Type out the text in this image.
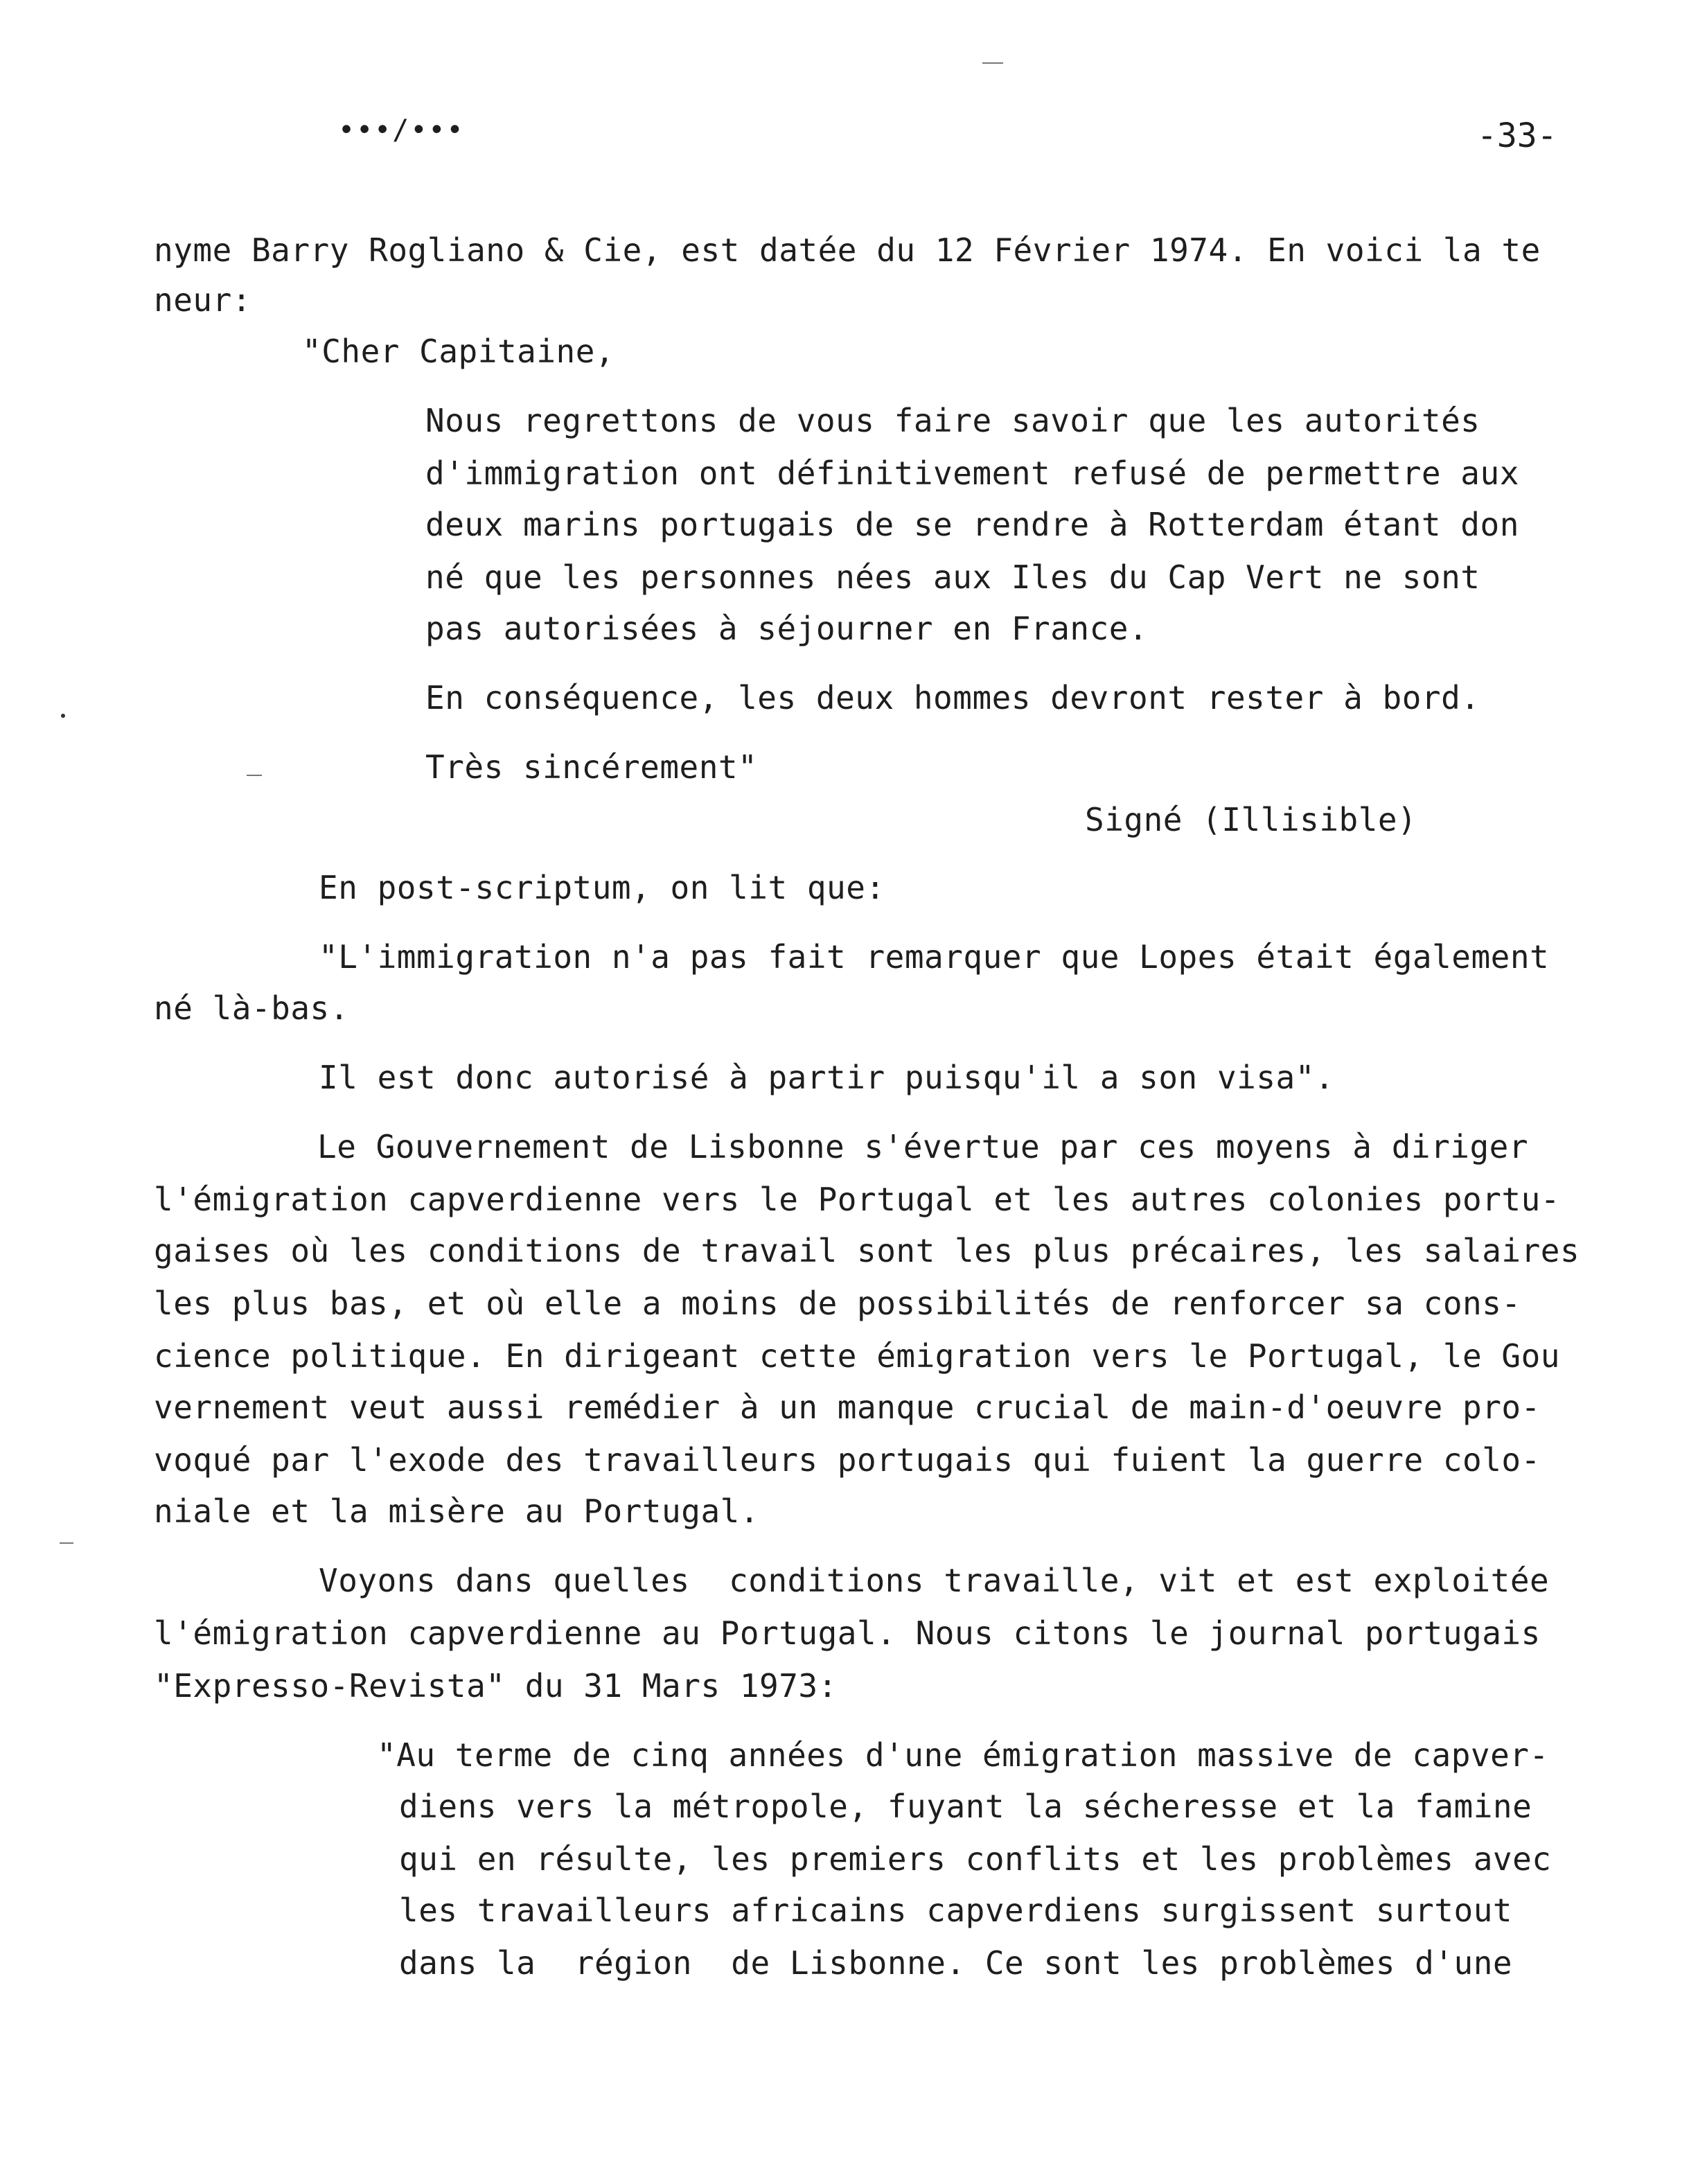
•••/•••	-33-
nyme Barry Rogliano & Cie, est datée du 12 Février 1974. En voici la te
neur:
"Cher Capitaine,
Nous regrettons de vous faire savoir que les autorités
d'immigration ont définitivement refusé de permettre aux
deux marins portugais de se rendre à Rotterdam étant don
né que les personnes nées aux Iles du Cap Vert ne sont
pas autorisées à séjourner en France.
En conséquence, les deux hommes devront rester à bord.
Très sincérement"
Signé (Illisible)
En post-scriptum, on lit que:
"L'immigration n'a pas fait remarquer que Lopes était également
né là-bas.
Il est donc autorisé à partir puisqu'il a son visa".
Le Gouvernement de Lisbonne s'évertue par ces moyens à diriger
l'émigration capverdienne vers le Portugal et les autres colonies portu-
gaises où les conditions de travail sont les plus précaires, les salaires
les plus bas, et où elle a moins de possibilités de renforcer sa cons-
cience politique. En dirigeant cette émigration vers le Portugal, le Gou
vernement veut aussi remédier à un manque crucial de main-d'oeuvre pro-
voqué par l'exode des travailleurs portugais qui fuient la guerre colo-
niale et la misère au Portugal.
Voyons dans quelles  conditions travaille, vit et est exploitée
l'émigration capverdienne au Portugal. Nous citons le journal portugais
"Expresso-Revista" du 31 Mars 1973:
"Au terme de cinq années d'une émigration massive de capver-
diens vers la métropole, fuyant la sécheresse et la famine
qui en résulte, les premiers conflits et les problèmes avec
les travailleurs africains capverdiens surgissent surtout
dans la  région  de Lisbonne. Ce sont les problèmes d'une
